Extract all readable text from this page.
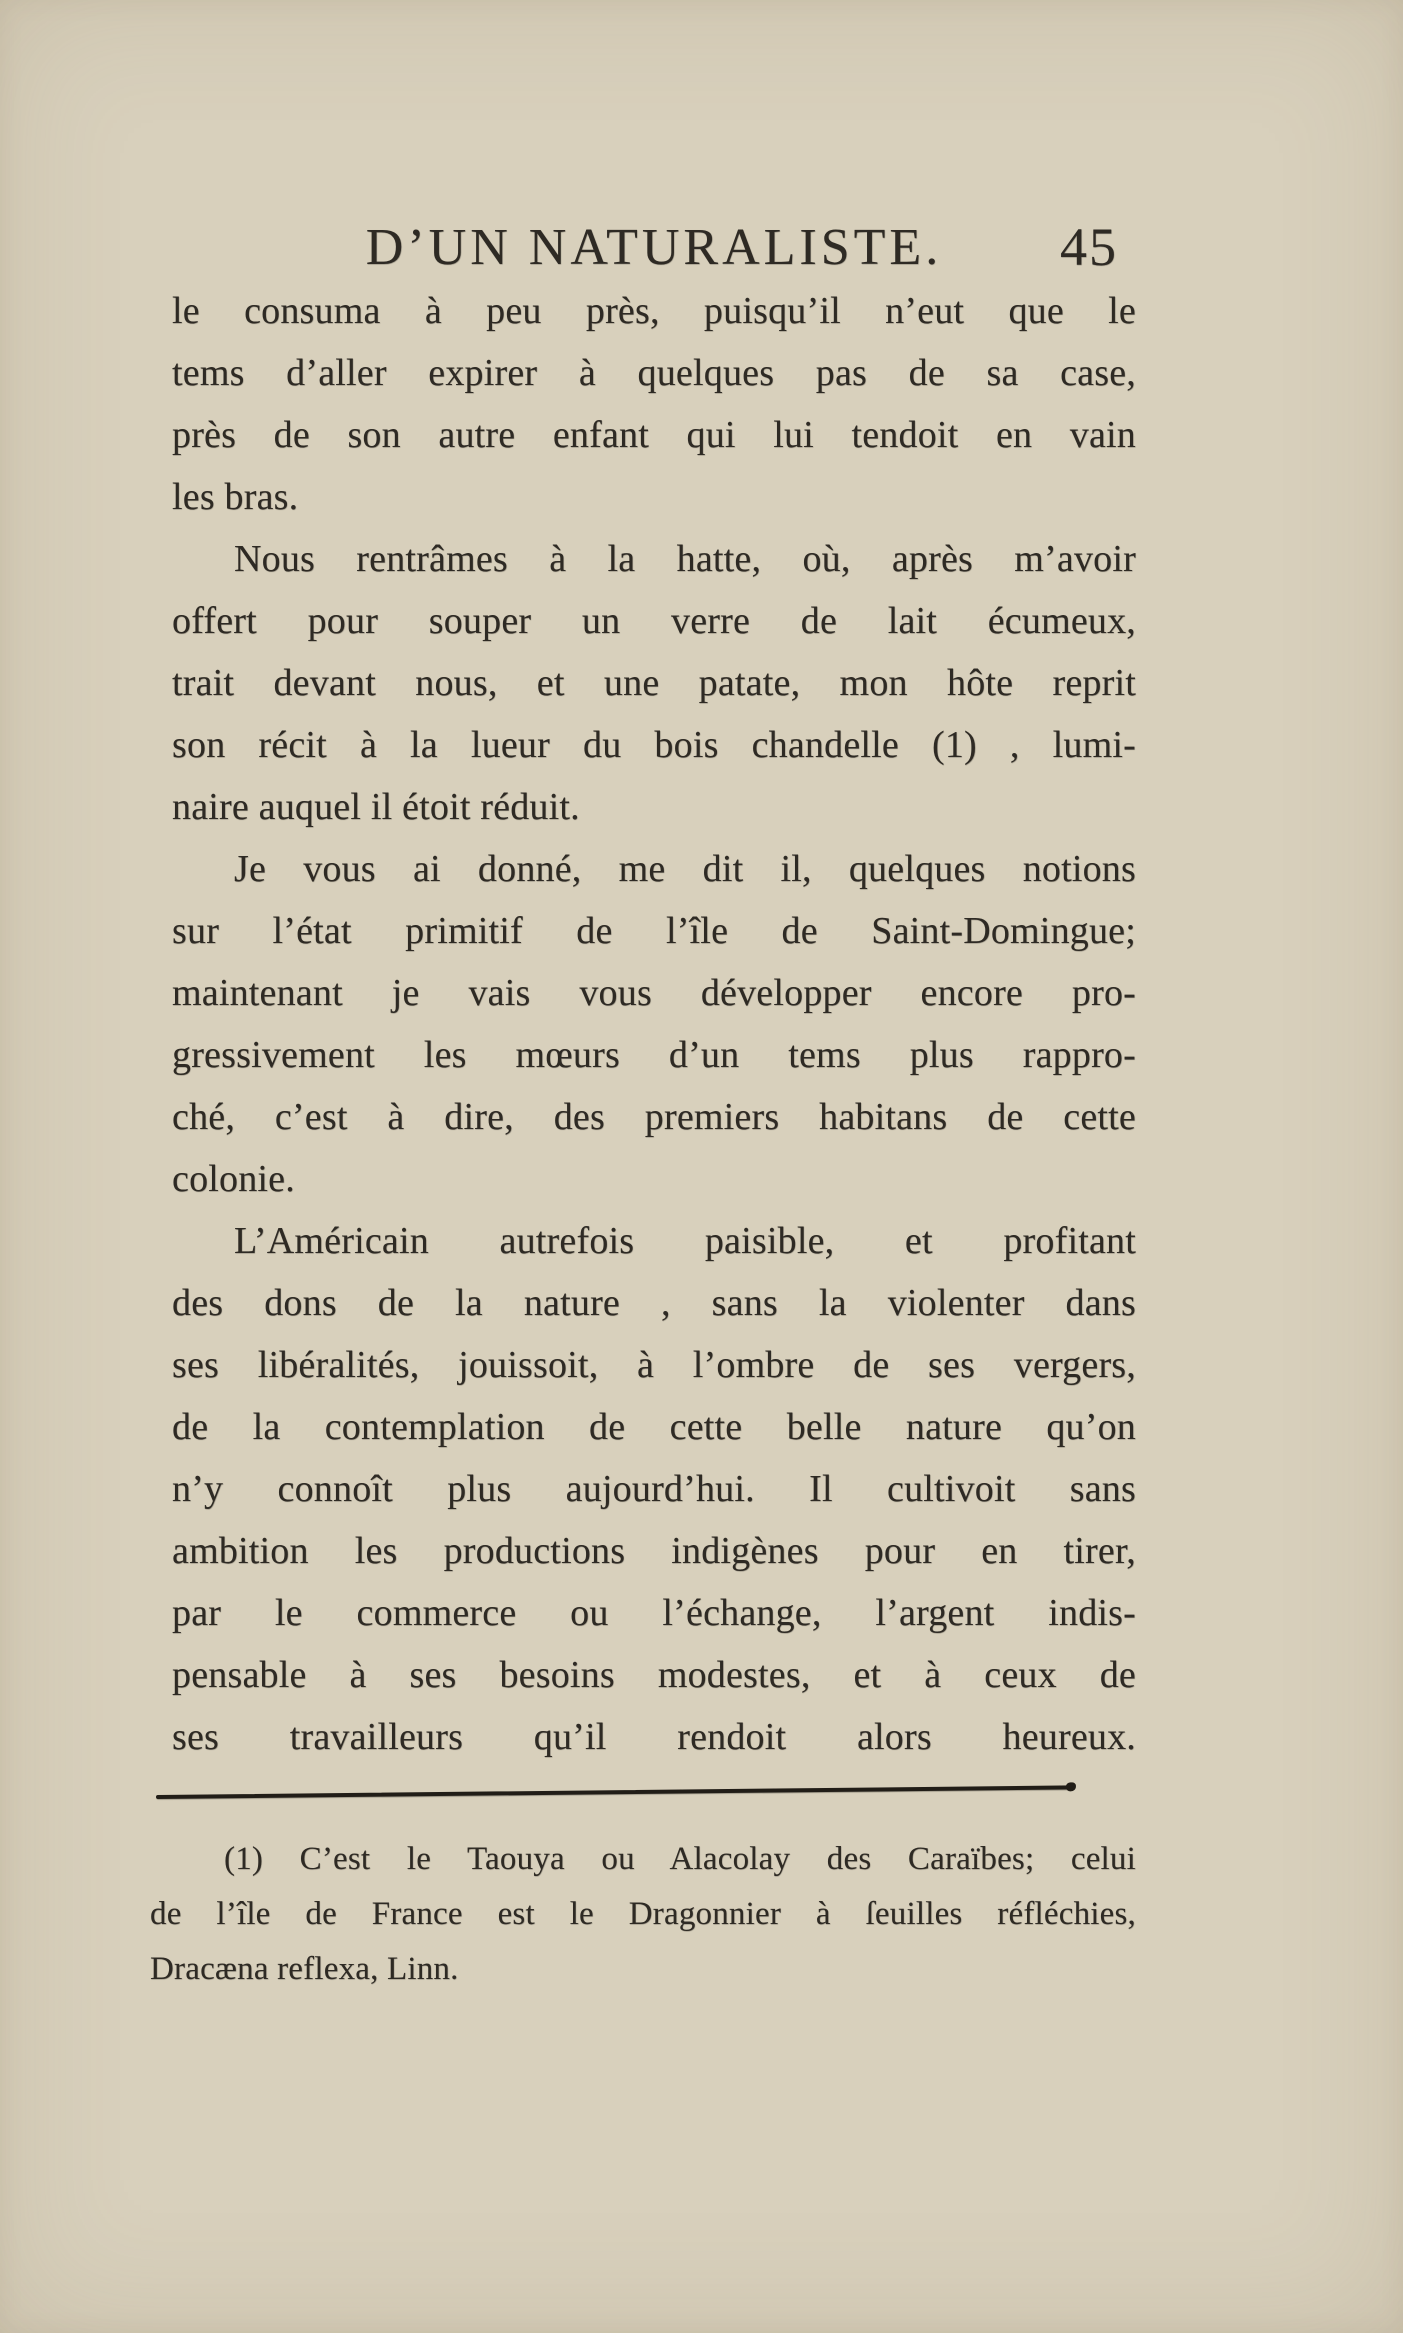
D’UN NATURALISTE.	45
le consuma à peu près, puisqu’il n’eut que le
tems d’aller expirer à quelques pas de sa case,
près de son autre enfant qui lui tendoit en vain
les bras.
Nous rentrâmes à la hatte, où, après m’avoir
offert pour souper un verre de lait écumeux,
trait devant nous, et une patate, mon hôte reprit
son récit à la lueur du bois chandelle (1) , lumi-
naire auquel il étoit réduit.
Je vous ai donné, me dit il, quelques notions
sur l’état primitif de l’île de Saint-Domingue;
maintenant je vais vous développer encore pro-
gressivement les mœurs d’un tems plus rappro-
ché, c’est à dire, des premiers habitans de cette
colonie.
L’Américain autrefois paisible, et profitant
des dons de la nature , sans la violenter dans
ses libéralités, jouissoit, à l’ombre de ses vergers,
de la contemplation de cette belle nature qu’on
n’y connoît plus aujourd’hui. Il cultivoit sans
ambition les productions indigènes pour en tirer,
par le commerce ou l’échange, l’argent indis-
pensable à ses besoins modestes, et à ceux de
ses travailleurs qu’il rendoit alors heureux.
(1) C’est le Taouya ou Alacolay des Caraïbes; celui
de l’île de France est le Dragonnier à ſeuilles réfléchies,
Dracæna reflexa, Linn.
